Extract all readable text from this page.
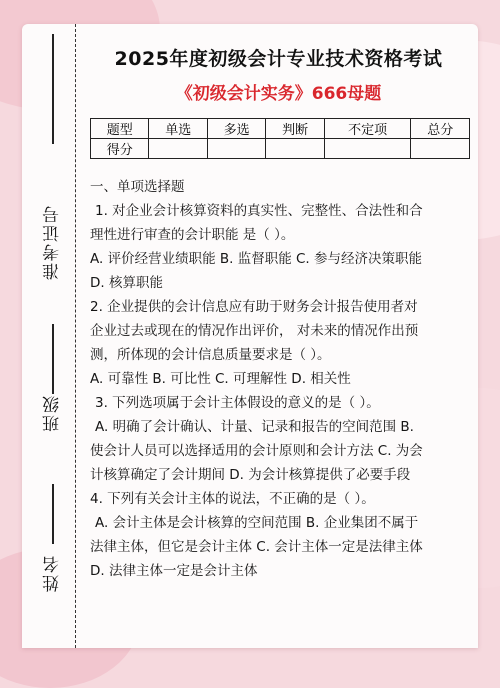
准考证号
班级
姓名
2025年度初级会计专业技术资格考试
《初级会计实务》666母题
题型	单选	多选	判断	不定项	总分
得分					

一、单项选择题

1. 对企业会计核算资料的真实性、完整性、合法性和合

理性进行审查的会计职能 是（ ）。

A. 评价经营业绩职能 B. 监督职能 C. 参与经济决策职能

D. 核算职能

2. 企业提供的会计信息应有助于财务会计报告使用者对

企业过去或现在的情况作出评价， 对未来的情况作出预

测，所体现的会计信息质量要求是（ ）。

A. 可靠性 B. 可比性 C. 可理解性 D. 相关性

3. 下列选项属于会计主体假设的意义的是（ ）。

A. 明确了会计确认、计量、记录和报告的空间范围 B.

使会计人员可以选择适用的会计原则和会计方法 C. 为会

计核算确定了会计期间 D. 为会计核算提供了必要手段

4. 下列有关会计主体的说法，不正确的是（ ）。

A. 会计主体是会计核算的空间范围 B. 企业集团不属于

法律主体，但它是会计主体 C. 会计主体一定是法律主体

D. 法律主体一定是会计主体
